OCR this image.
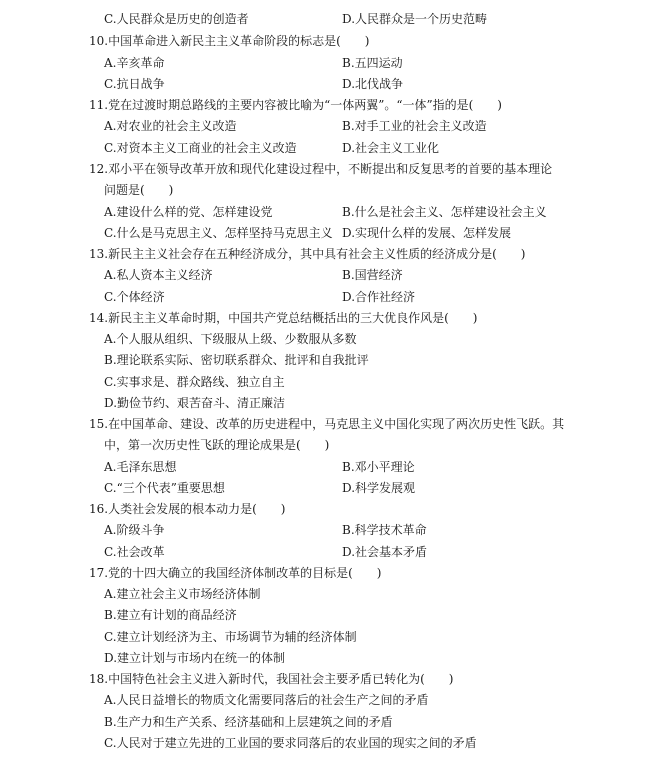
C.人民群众是历史的创造者	D.人民群众是一个历史范畴
10.中国革命进入新民主主义革命阶段的标志是(　　)
A.辛亥革命	B.五四运动
C.抗日战争	D.北伐战争
11.党在过渡时期总路线的主要内容被比喻为“一体两翼”。“一体”指的是(　　)
A.对农业的社会主义改造	B.对手工业的社会主义改造
C.对资本主义工商业的社会主义改造	D.社会主义工业化
12.邓小平在领导改革开放和现代化建设过程中，不断提出和反复思考的首要的基本理论
问题是(　　)
A.建设什么样的党、怎样建设党	B.什么是社会主义、怎样建设社会主义
C.什么是马克思主义、怎样坚持马克思主义 D.实现什么样的发展、怎样发展
13.新民主主义社会存在五种经济成分，其中具有社会主义性质的经济成分是(　　)
A.私人资本主义经济	B.国营经济
C.个体经济	D.合作社经济
14.新民主主义革命时期，中国共产党总结概括出的三大优良作风是(　　)
A.个人服从组织、下级服从上级、少数服从多数
B.理论联系实际、密切联系群众、批评和自我批评
C.实事求是、群众路线、独立自主
D.勤俭节约、艰苦奋斗、清正廉洁
15.在中国革命、建设、改革的历史进程中，马克思主义中国化实现了两次历史性飞跃。其
中，第一次历史性飞跃的理论成果是(　　)
A.毛泽东思想	B.邓小平理论
C.“三个代表”重要思想	D.科学发展观
16.人类社会发展的根本动力是(　　)
A.阶级斗争	B.科学技术革命
C.社会改革	D.社会基本矛盾
17.党的十四大确立的我国经济体制改革的目标是(　　)
A.建立社会主义市场经济体制
B.建立有计划的商品经济
C.建立计划经济为主、市场调节为辅的经济体制
D.建立计划与市场内在统一的体制
18.中国特色社会主义进入新时代，我国社会主要矛盾已转化为(　　)
A.人民日益增长的物质文化需要同落后的社会生产之间的矛盾
B.生产力和生产关系、经济基础和上层建筑之间的矛盾
C.人民对于建立先进的工业国的要求同落后的农业国的现实之间的矛盾
